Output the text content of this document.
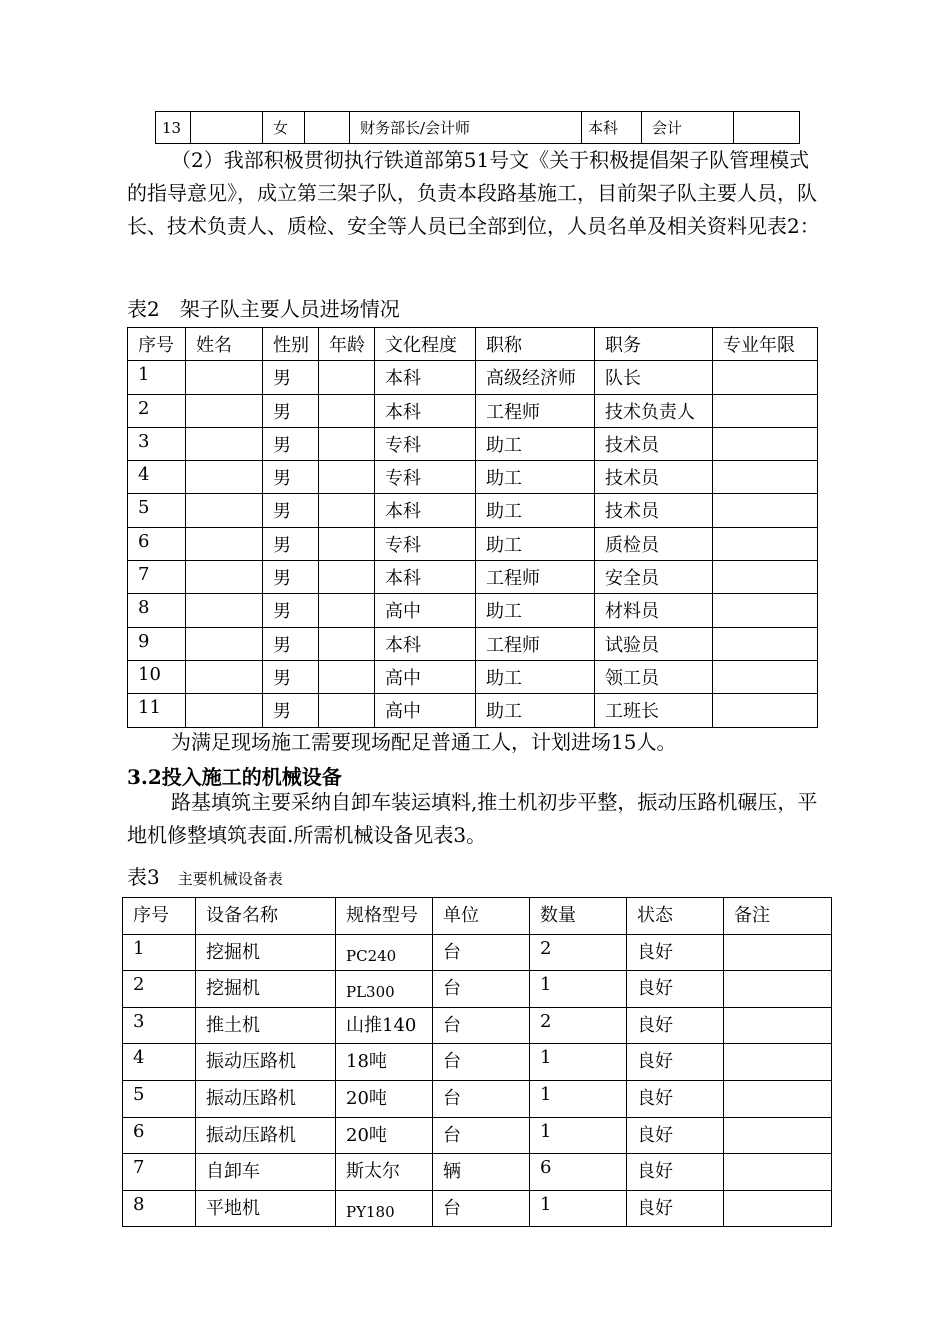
13		女		财务部长/会计师	本科	会计	

（2）我部积极贯彻执行铁道部第51号文《关于积极提倡架子队管理模式的指导意见》，成立第三架子队，负责本段路基施工，目前架子队主要人员，队长、技术负责人、质检、安全等人员已全部到位，人员名单及相关资料见表2：

表2　架子队主要人员进场情况
序号	姓名	性别	年龄	文化程度	职称	职务	专业年限
1		男		本科	高级经济师	队长	
2		男		本科	工程师	技术负责人	
3		男		专科	助工	技术员	
4		男		专科	助工	技术员	
5		男		本科	助工	技术员	
6		男		专科	助工	质检员	
7		男		本科	工程师	安全员	
8		男		高中	助工	材料员	
9		男		本科	工程师	试验员	
10		男		高中	助工	领工员	
11		男		高中	助工	工班长	

为满足现场施工需要现场配足普通工人，计划进场15人。

3.2投入施工的机械设备

路基填筑主要采纳自卸车装运填料,推土机初步平整，振动压路机碾压，平地机修整填筑表面.所需机械设备见表3。

表3 主要机械设备表
序号	设备名称	规格型号	单位	数量	状态	备注
1	挖掘机	$_{PC240}$	台	2	良好	
2	挖掘机	$_{PL300}$	台	1	良好	
3	推土机	山推140	台	2	良好	
4	振动压路机	18吨	台	1	良好	
5	振动压路机	20吨	台	1	良好	
6	振动压路机	20吨	台	1	良好	
7	自卸车	斯太尔	辆	6	良好	
8	平地机	$_{PY180}$	台	1	良好	
